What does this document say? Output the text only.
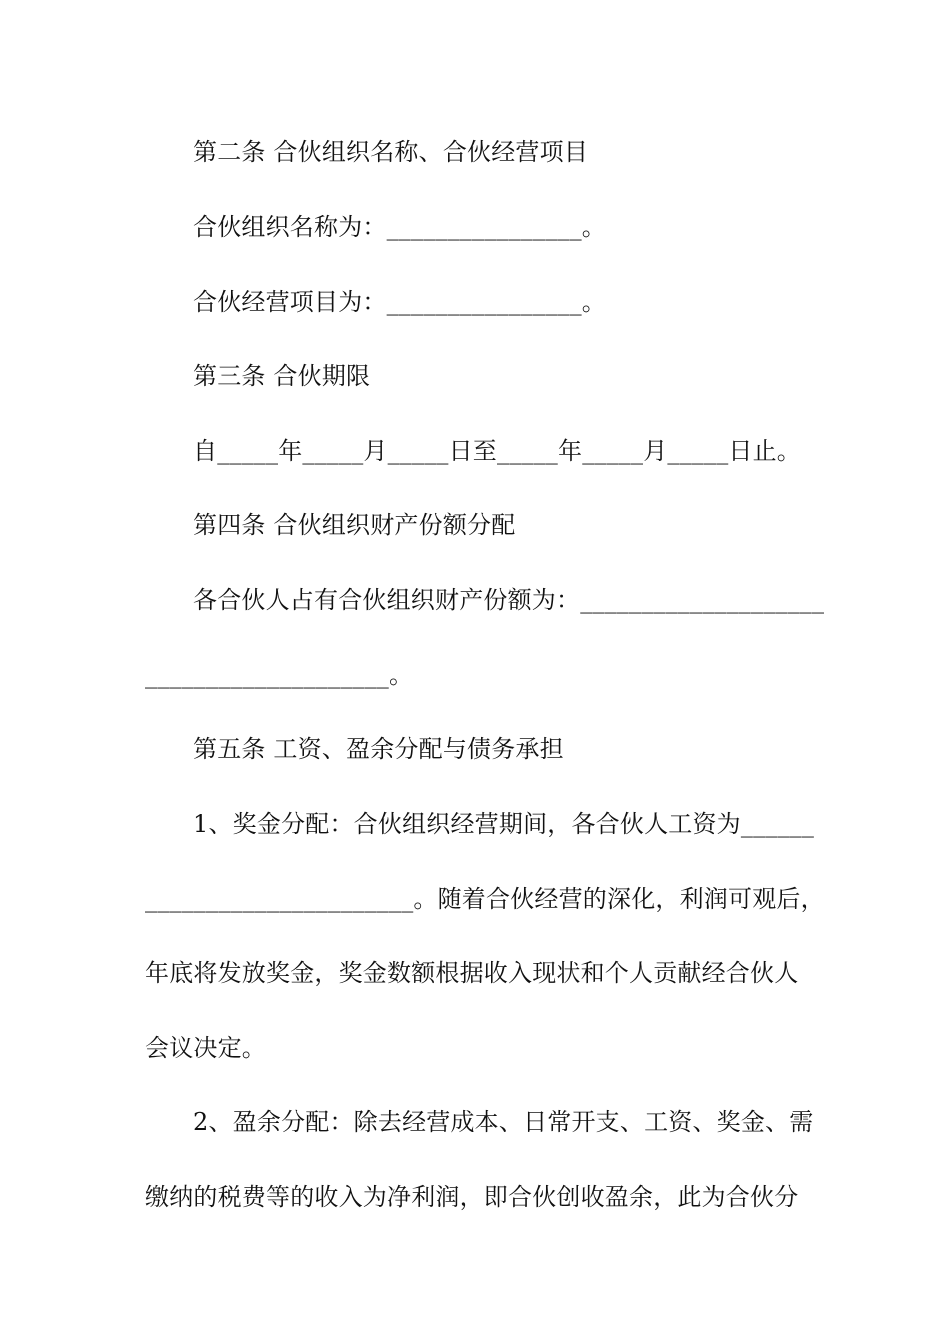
第二条 合伙组织名称、合伙经营项目
合伙组织名称为：________________。
合伙经营项目为：________________。
第三条 合伙期限
自_____年_____月_____日至_____年_____月_____日止。
第四条 合伙组织财产份额分配
各合伙人占有合伙组织财产份额为：____________________
____________________。
第五条 工资、盈余分配与债务承担
1、奖金分配：合伙组织经营期间，各合伙人工资为______
______________________。随着合伙经营的深化，利润可观后，
年底将发放奖金，奖金数额根据收入现状和个人贡献经合伙人
会议决定。
2、盈余分配：除去经营成本、日常开支、工资、奖金、需
缴纳的税费等的收入为净利润，即合伙创收盈余，此为合伙分
